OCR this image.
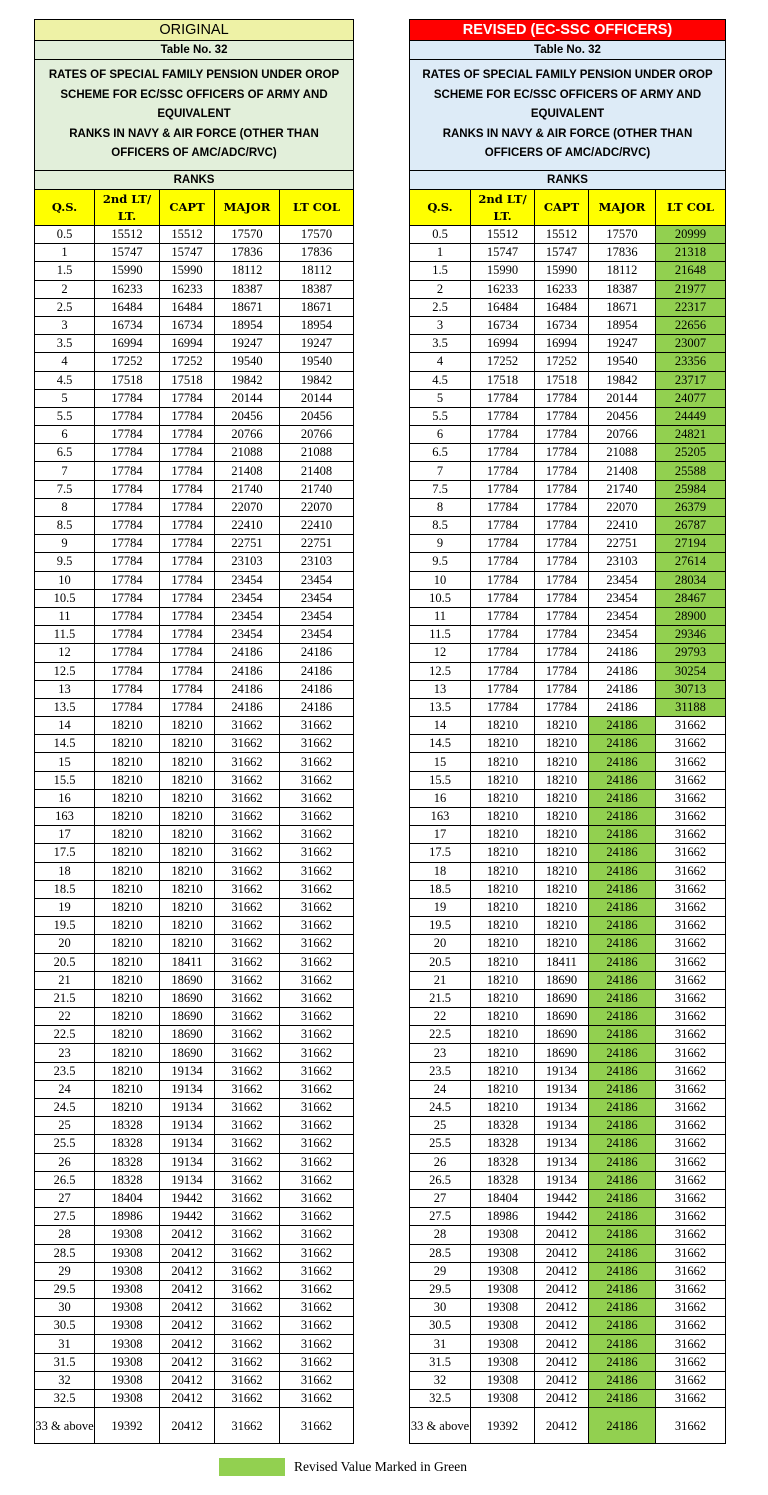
ORIGINAL				
Table No. 32				

RATES OF SPECIAL FAMILY PENSION UNDER OROP
SCHEME FOR EC/SSC OFFICERS OF ARMY AND
EQUIVALENT
RANKS IN NAVY & AIR FORCE (OTHER THAN
OFFICERS OF AMC/ADC/RVC)				

RANKS				
Q.S.	2nd LT/ LT.	CAPT	MAJOR	LT COL
0.5	15512	15512	17570	17570
1	15747	15747	17836	17836
1.5	15990	15990	18112	18112
2	16233	16233	18387	18387
2.5	16484	16484	18671	18671
3	16734	16734	18954	18954
3.5	16994	16994	19247	19247
4	17252	17252	19540	19540
4.5	17518	17518	19842	19842
5	17784	17784	20144	20144
5.5	17784	17784	20456	20456
6	17784	17784	20766	20766
6.5	17784	17784	21088	21088
7	17784	17784	21408	21408
7.5	17784	17784	21740	21740
8	17784	17784	22070	22070
8.5	17784	17784	22410	22410
9	17784	17784	22751	22751
9.5	17784	17784	23103	23103
10	17784	17784	23454	23454
10.5	17784	17784	23454	23454
11	17784	17784	23454	23454
11.5	17784	17784	23454	23454
12	17784	17784	24186	24186
12.5	17784	17784	24186	24186
13	17784	17784	24186	24186
13.5	17784	17784	24186	24186
14	18210	18210	31662	31662
14.5	18210	18210	31662	31662
15	18210	18210	31662	31662
15.5	18210	18210	31662	31662
16	18210	18210	31662	31662
163	18210	18210	31662	31662
17	18210	18210	31662	31662
17.5	18210	18210	31662	31662
18	18210	18210	31662	31662
18.5	18210	18210	31662	31662
19	18210	18210	31662	31662
19.5	18210	18210	31662	31662
20	18210	18210	31662	31662
20.5	18210	18411	31662	31662
21	18210	18690	31662	31662
21.5	18210	18690	31662	31662
22	18210	18690	31662	31662
22.5	18210	18690	31662	31662
23	18210	18690	31662	31662
23.5	18210	19134	31662	31662
24	18210	19134	31662	31662
24.5	18210	19134	31662	31662
25	18328	19134	31662	31662
25.5	18328	19134	31662	31662
26	18328	19134	31662	31662
26.5	18328	19134	31662	31662
27	18404	19442	31662	31662
27.5	18986	19442	31662	31662
28	19308	20412	31662	31662
28.5	19308	20412	31662	31662
29	19308	20412	31662	31662
29.5	19308	20412	31662	31662
30	19308	20412	31662	31662
30.5	19308	20412	31662	31662
31	19308	20412	31662	31662
31.5	19308	20412	31662	31662
32	19308	20412	31662	31662
32.5	19308	20412	31662	31662
33 & above	19392	20412	31662	31662
REVISED (EC-SSC OFFICERS)				
Table No. 32				

RATES OF SPECIAL FAMILY PENSION UNDER OROP
SCHEME FOR EC/SSC OFFICERS OF ARMY AND
EQUIVALENT
RANKS IN NAVY & AIR FORCE (OTHER THAN
OFFICERS OF AMC/ADC/RVC)				

RANKS				
Q.S.	2nd LT/ LT.	CAPT	MAJOR	LT COL
0.5	15512	15512	17570	20999
1	15747	15747	17836	21318
1.5	15990	15990	18112	21648
2	16233	16233	18387	21977
2.5	16484	16484	18671	22317
3	16734	16734	18954	22656
3.5	16994	16994	19247	23007
4	17252	17252	19540	23356
4.5	17518	17518	19842	23717
5	17784	17784	20144	24077
5.5	17784	17784	20456	24449
6	17784	17784	20766	24821
6.5	17784	17784	21088	25205
7	17784	17784	21408	25588
7.5	17784	17784	21740	25984
8	17784	17784	22070	26379
8.5	17784	17784	22410	26787
9	17784	17784	22751	27194
9.5	17784	17784	23103	27614
10	17784	17784	23454	28034
10.5	17784	17784	23454	28467
11	17784	17784	23454	28900
11.5	17784	17784	23454	29346
12	17784	17784	24186	29793
12.5	17784	17784	24186	30254
13	17784	17784	24186	30713
13.5	17784	17784	24186	31188
14	18210	18210	24186	31662
14.5	18210	18210	24186	31662
15	18210	18210	24186	31662
15.5	18210	18210	24186	31662
16	18210	18210	24186	31662
163	18210	18210	24186	31662
17	18210	18210	24186	31662
17.5	18210	18210	24186	31662
18	18210	18210	24186	31662
18.5	18210	18210	24186	31662
19	18210	18210	24186	31662
19.5	18210	18210	24186	31662
20	18210	18210	24186	31662
20.5	18210	18411	24186	31662
21	18210	18690	24186	31662
21.5	18210	18690	24186	31662
22	18210	18690	24186	31662
22.5	18210	18690	24186	31662
23	18210	18690	24186	31662
23.5	18210	19134	24186	31662
24	18210	19134	24186	31662
24.5	18210	19134	24186	31662
25	18328	19134	24186	31662
25.5	18328	19134	24186	31662
26	18328	19134	24186	31662
26.5	18328	19134	24186	31662
27	18404	19442	24186	31662
27.5	18986	19442	24186	31662
28	19308	20412	24186	31662
28.5	19308	20412	24186	31662
29	19308	20412	24186	31662
29.5	19308	20412	24186	31662
30	19308	20412	24186	31662
30.5	19308	20412	24186	31662
31	19308	20412	24186	31662
31.5	19308	20412	24186	31662
32	19308	20412	24186	31662
32.5	19308	20412	24186	31662
33 & above	19392	20412	24186	31662
Revised Value Marked in Green
